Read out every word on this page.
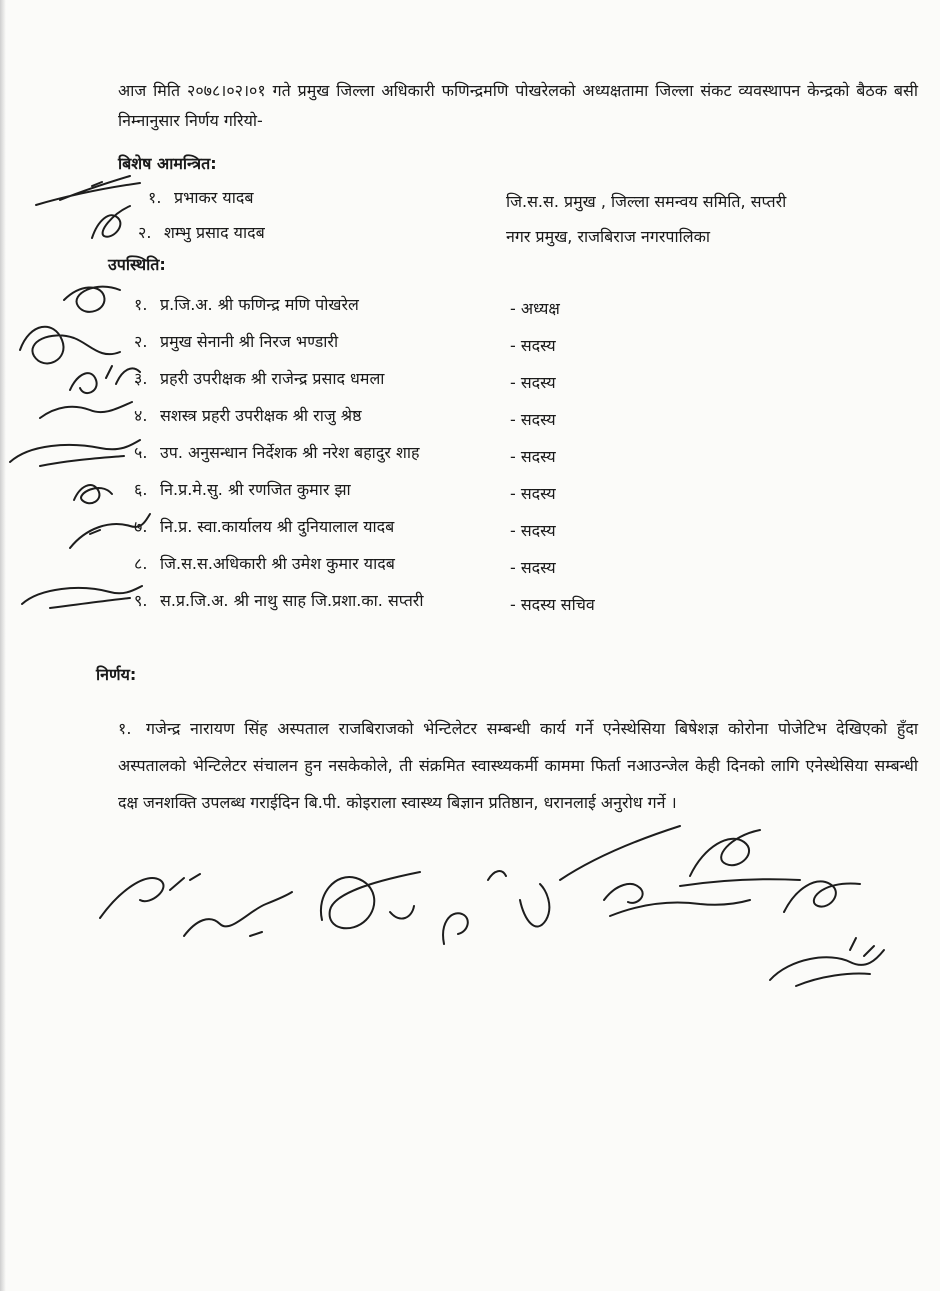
आज मिति २०७८।०२।०१ गते प्रमुख जिल्ला अधिकारी फणिन्द्रमणि पोखरेलको अध्यक्षतामा जिल्ला संकट व्यवस्थापन केन्द्रको बैठक बसी निम्नानुसार निर्णय गरियो-
बिशेष आमन्त्रित:
१. प्रभाकर यादब	जि.स.स. प्रमुख , जिल्ला समन्वय समिति, सप्तरी
२. शम्भु प्रसाद यादब	नगर प्रमुख, राजबिराज नगरपालिका
उपस्थिति:
१. प्र.जि.अ. श्री फणिन्द्र मणि पोखरेल	- अध्यक्ष
२. प्रमुख सेनानी श्री निरज भण्डारी	- सदस्य
३. प्रहरी उपरीक्षक श्री राजेन्द्र प्रसाद धमला	- सदस्य
४. सशस्त्र प्रहरी उपरीक्षक श्री राजु श्रेष्ठ	- सदस्य
५. उप. अनुसन्धान निर्देशक श्री नरेश बहादुर शाह	- सदस्य
६. नि.प्र.मे.सु. श्री रणजित कुमार झा	- सदस्य
७. नि.प्र. स्वा.कार्यालय श्री दुनियालाल यादब	- सदस्य
८. जि.स.स.अधिकारी श्री उमेश कुमार यादब	- सदस्य
९. स.प्र.जि.अ. श्री नाथु साह जि.प्रशा.का. सप्तरी	- सदस्य सचिव
निर्णय:
१. गजेन्द्र नारायण सिंह अस्पताल राजबिराजको भेन्टिलेटर सम्बन्धी कार्य गर्ने एनेस्थेसिया बिषेशज्ञ कोरोना पोजेटिभ देखिएको हुँदा अस्पतालको भेन्टिलेटर संचालन हुन नसकेकोले, ती संक्रमित स्वास्थ्यकर्मी काममा फिर्ता नआउन्जेल केही दिनको लागि एनेस्थेसिया सम्बन्धी दक्ष जनशक्ति उपलब्ध गराईदिन बि.पी. कोइराला स्वास्थ्य बिज्ञान प्रतिष्ठान, धरानलाई अनुरोध गर्ने ।
